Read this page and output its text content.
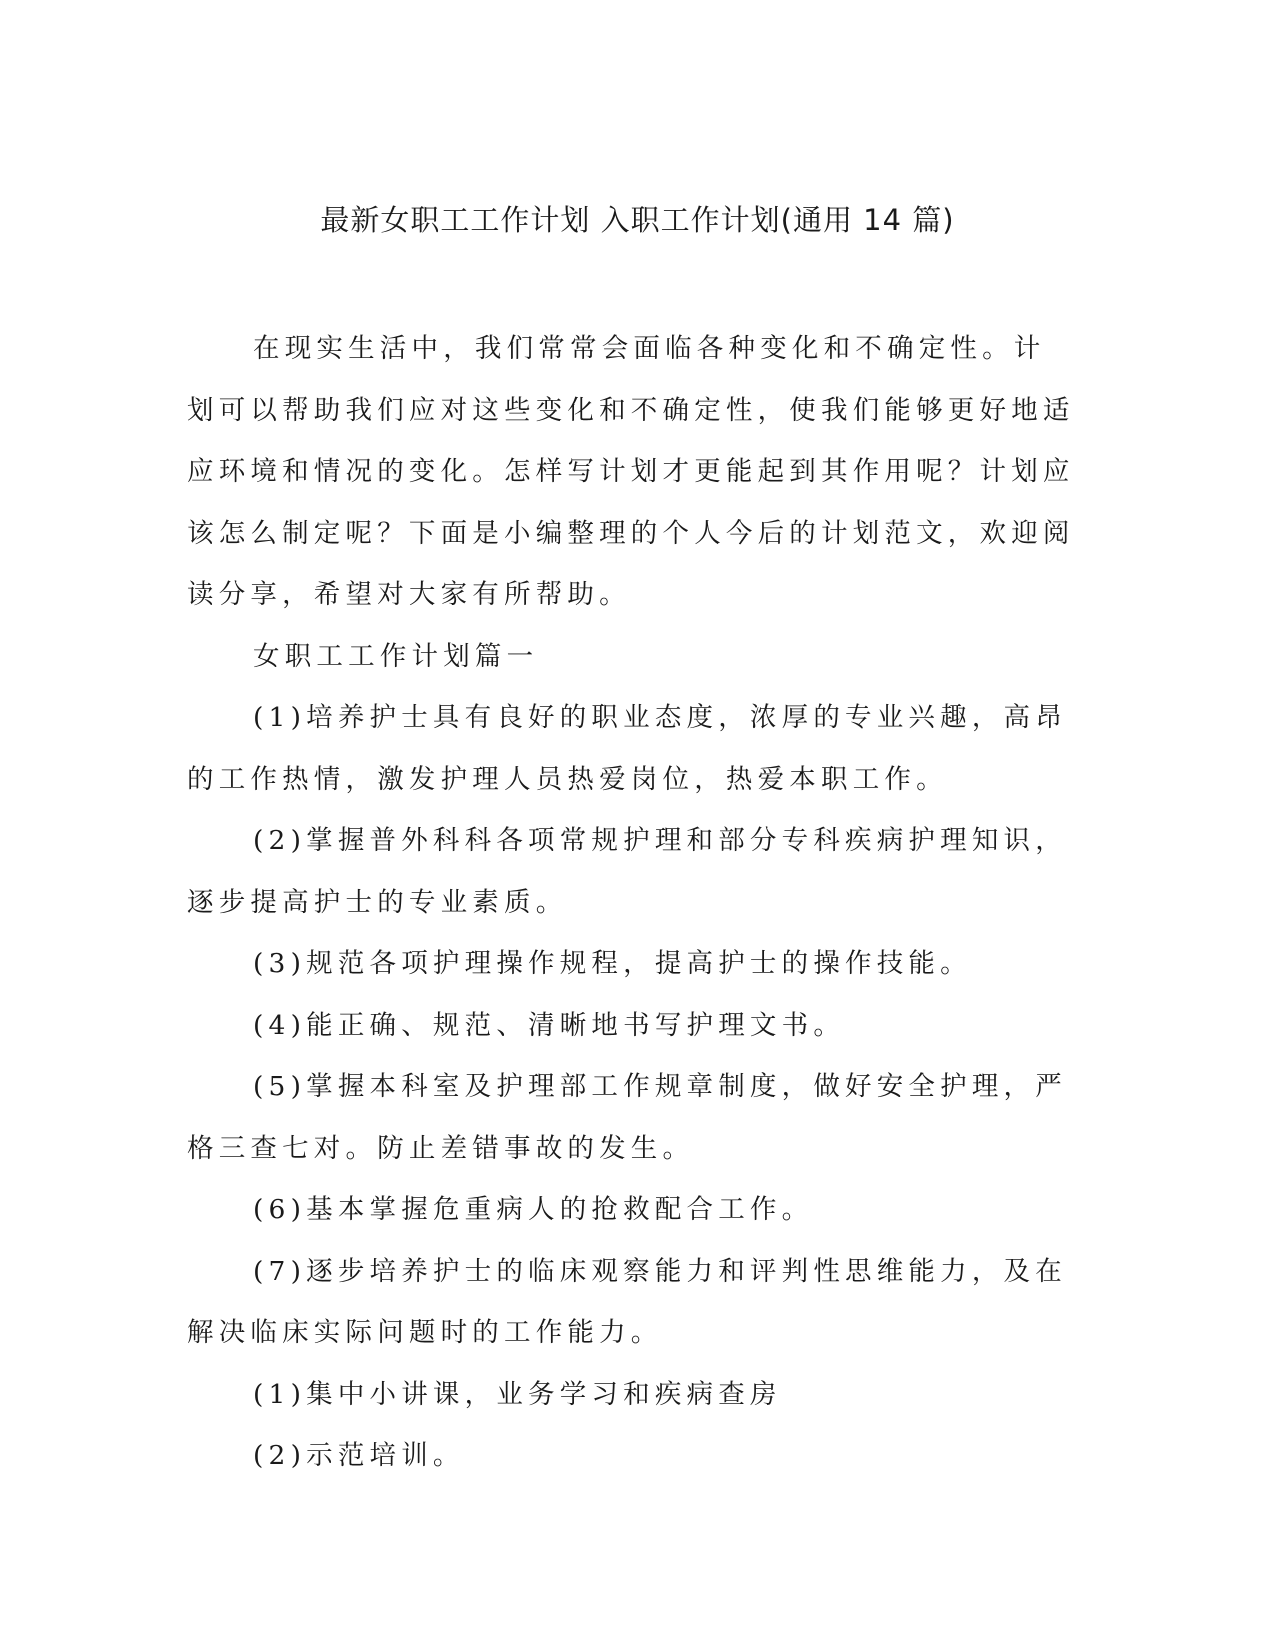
最新女职工工作计划 入职工作计划(通用 14 篇)

在现实生活中，我们常常会面临各种变化和不确定性。计划可以帮助我们应对这些变化和不确定性，使我们能够更好地适应环境和情况的变化。怎样写计划才更能起到其作用呢？计划应该怎么制定呢？下面是小编整理的个人今后的计划范文，欢迎阅读分享，希望对大家有所帮助。

女职工工作计划篇一

(1)培养护士具有良好的职业态度，浓厚的专业兴趣，高昂的工作热情，激发护理人员热爱岗位，热爱本职工作。

(2)掌握普外科科各项常规护理和部分专科疾病护理知识，逐步提高护士的专业素质。

(3)规范各项护理操作规程，提高护士的操作技能。

(4)能正确、规范、清晰地书写护理文书。

(5)掌握本科室及护理部工作规章制度，做好安全护理，严格三查七对。防止差错事故的发生。

(6)基本掌握危重病人的抢救配合工作。

(7)逐步培养护士的临床观察能力和评判性思维能力，及在解决临床实际问题时的工作能力。

(1)集中小讲课，业务学习和疾病查房

(2)示范培训。
